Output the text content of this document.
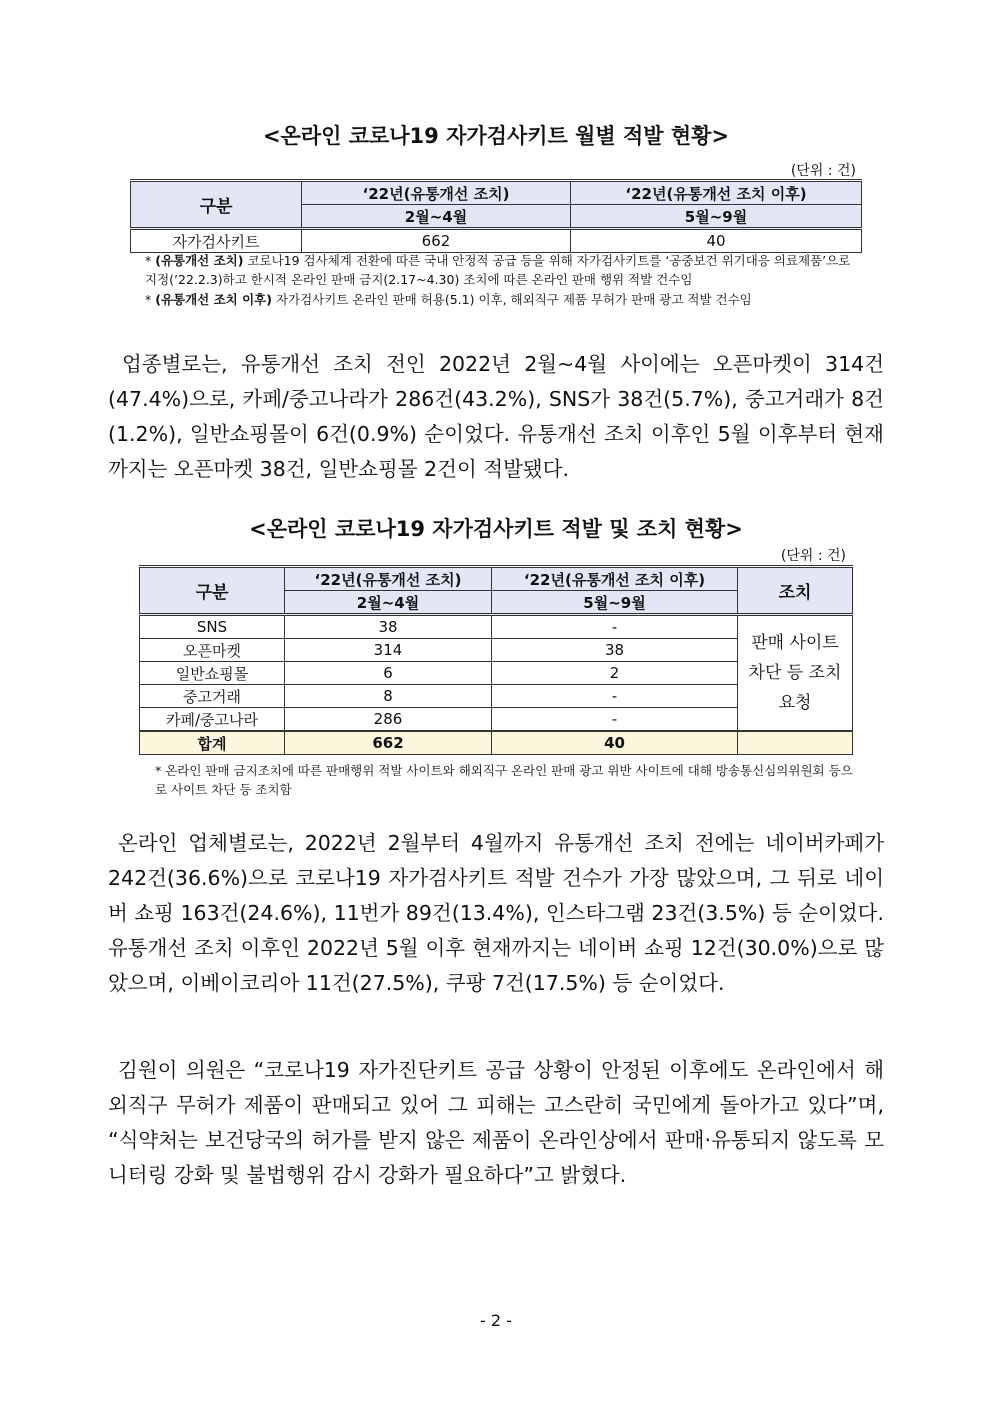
<온라인 코로나19 자가검사키트 월별 적발 현황>
(단위 : 건)
구분	‘22년(유통개선 조치)	‘22년(유통개선 조치 이후)
	2월~4월	5월~9월
자가검사키트	662	40
* (유통개선 조치) 코로나19 검사체계 전환에 따른 국내 안정적 공급 등을 위해 자가검사키트를 ‘공중보건 위기대응 의료제품’으로 지정(’22.2.3)하고 한시적 온라인 판매 금지(2.17~4.30) 조치에 따른 온라인 판매 행위 적발 건수임
* (유통개선 조치 이후) 자가검사키트 온라인 판매 허용(5.1) 이후, 해외직구 제품 무허가 판매 광고 적발 건수임
업종별로는, 유통개선 조치 전인 2022년 2월~4월 사이에는 오픈마켓이 314건(47.4%)으로, 카페/중고나라가 286건(43.2%), SNS가 38건(5.7%), 중고거래가 8건(1.2%), 일반쇼핑몰이 6건(0.9%) 순이었다. 유통개선 조치 이후인 5월 이후부터 현재까지는 오픈마켓 38건, 일반쇼핑몰 2건이 적발됐다.
<온라인 코로나19 자가검사키트 적발 및 조치 현황>
(단위 : 건)
구분	‘22년(유통개선 조치)	‘22년(유통개선 조치 이후)	조치
	2월~4월	5월~9월	
SNS	38	-	판매 사이트 차단 등 조치 요청
오픈마켓	314	38	
일반쇼핑몰	6	2	
중고거래	8	-	
카페/중고나라	286	-	
합계	662	40	
* 온라인 판매 금지조치에 따른 판매행위 적발 사이트와 해외직구 온라인 판매 광고 위반 사이트에 대해 방송통신심의위원회 등으로 사이트 차단 등 조치함
온라인 업체별로는, 2022년 2월부터 4월까지 유통개선 조치 전에는 네이버카페가 242건(36.6%)으로 코로나19 자가검사키트 적발 건수가 가장 많았으며, 그 뒤로 네이버 쇼핑 163건(24.6%), 11번가 89건(13.4%), 인스타그램 23건(3.5%) 등 순이었다. 유통개선 조치 이후인 2022년 5월 이후 현재까지는 네이버 쇼핑 12건(30.0%)으로 많았으며, 이베이코리아 11건(27.5%), 쿠팡 7건(17.5%) 등 순이었다.
김원이 의원은 “코로나19 자가진단키트 공급 상황이 안정된 이후에도 온라인에서 해외직구 무허가 제품이 판매되고 있어 그 피해는 고스란히 국민에게 돌아가고 있다”며, “식약처는 보건당국의 허가를 받지 않은 제품이 온라인상에서 판매·유통되지 않도록 모니터링 강화 및 불법행위 감시 강화가 필요하다”고 밝혔다.
- 2 -
